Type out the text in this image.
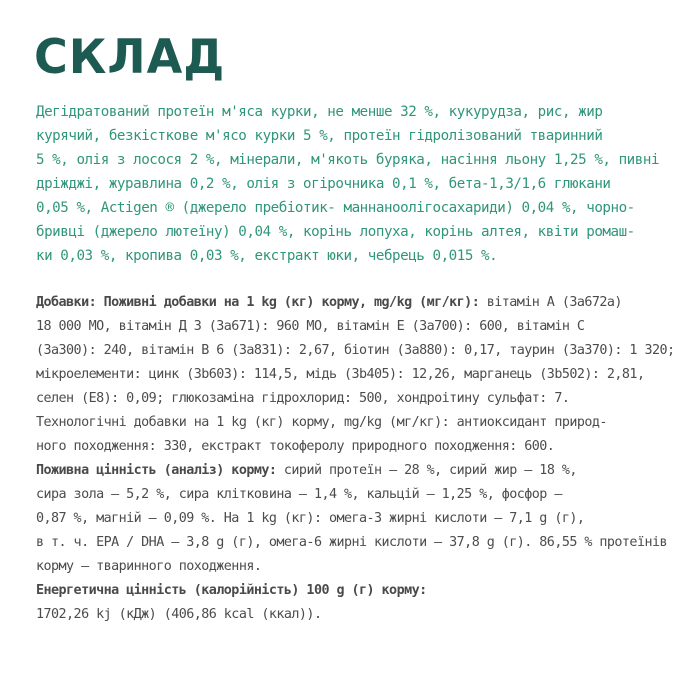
СКЛАД
Дегідратований протеїн м'яса курки, не менше 32 %, кукурудза, рис, жир
курячий, безкісткове м'ясо курки 5 %, протеїн гідролізований тваринний
5 %, олія з лосося 2 %, мінерали, м'якоть буряка, насіння льону 1,25 %, пивні
дріжджі, журавлина 0,2 %, олія з огірочника 0,1 %, бета-1,3/1,6 глюкани
0,05 %, Actigen ® (джерело пребіотик- маннаноолігосахариди) 0,04 %, чорно-
бривці (джерело лютеїну) 0,04 %, корінь лопуха, корінь алтея, квіти ромаш-
ки 0,03 %, кропива 0,03 %, екстракт юки, чебрець 0,015 %.
Добавки: Поживні добавки на 1 kg (кг) корму, mg/kg (мг/кг): вітамін А (3а672а)
18 000 МО, вітамін Д 3 (3а671): 960 МО, вітамін Е (3а700): 600, вітамін С
(3а300): 240, вітамін В 6 (3а831): 2,67, біотин (3а880): 0,17, таурин (3а370): 1 320;
мікроелементи: цинк (3b603): 114,5, мідь (3b405): 12,26, марганець (3b502): 2,81,
селен (Е8): 0,09; глюкозаміна гідрохлорид: 500, хондроітину сульфат: 7.
Технологічні добавки на 1 kg (кг) корму, mg/kg (мг/кг): антиоксидант природ-
ного походження: 330, екстракт токоферолу природного походження: 600.
Поживна цінність (аналіз) корму: сирий протеїн – 28 %, сирий жир – 18 %,
сира зола – 5,2 %, сира клітковина – 1,4 %, кальцій – 1,25 %, фосфор –
0,87 %, магній – 0,09 %. На 1 kg (кг): омега-3 жирні кислоти – 7,1 g (г),
в т. ч. EPA / DHA – 3,8 g (г), омега-6 жирні кислоти – 37,8 g (г). 86,55 % протеїнів
корму – тваринного походження.
Енергетична цінність (калорійність) 100 g (г) корму:
1702,26 kj (кДж) (406,86 kcal (ккал)).
